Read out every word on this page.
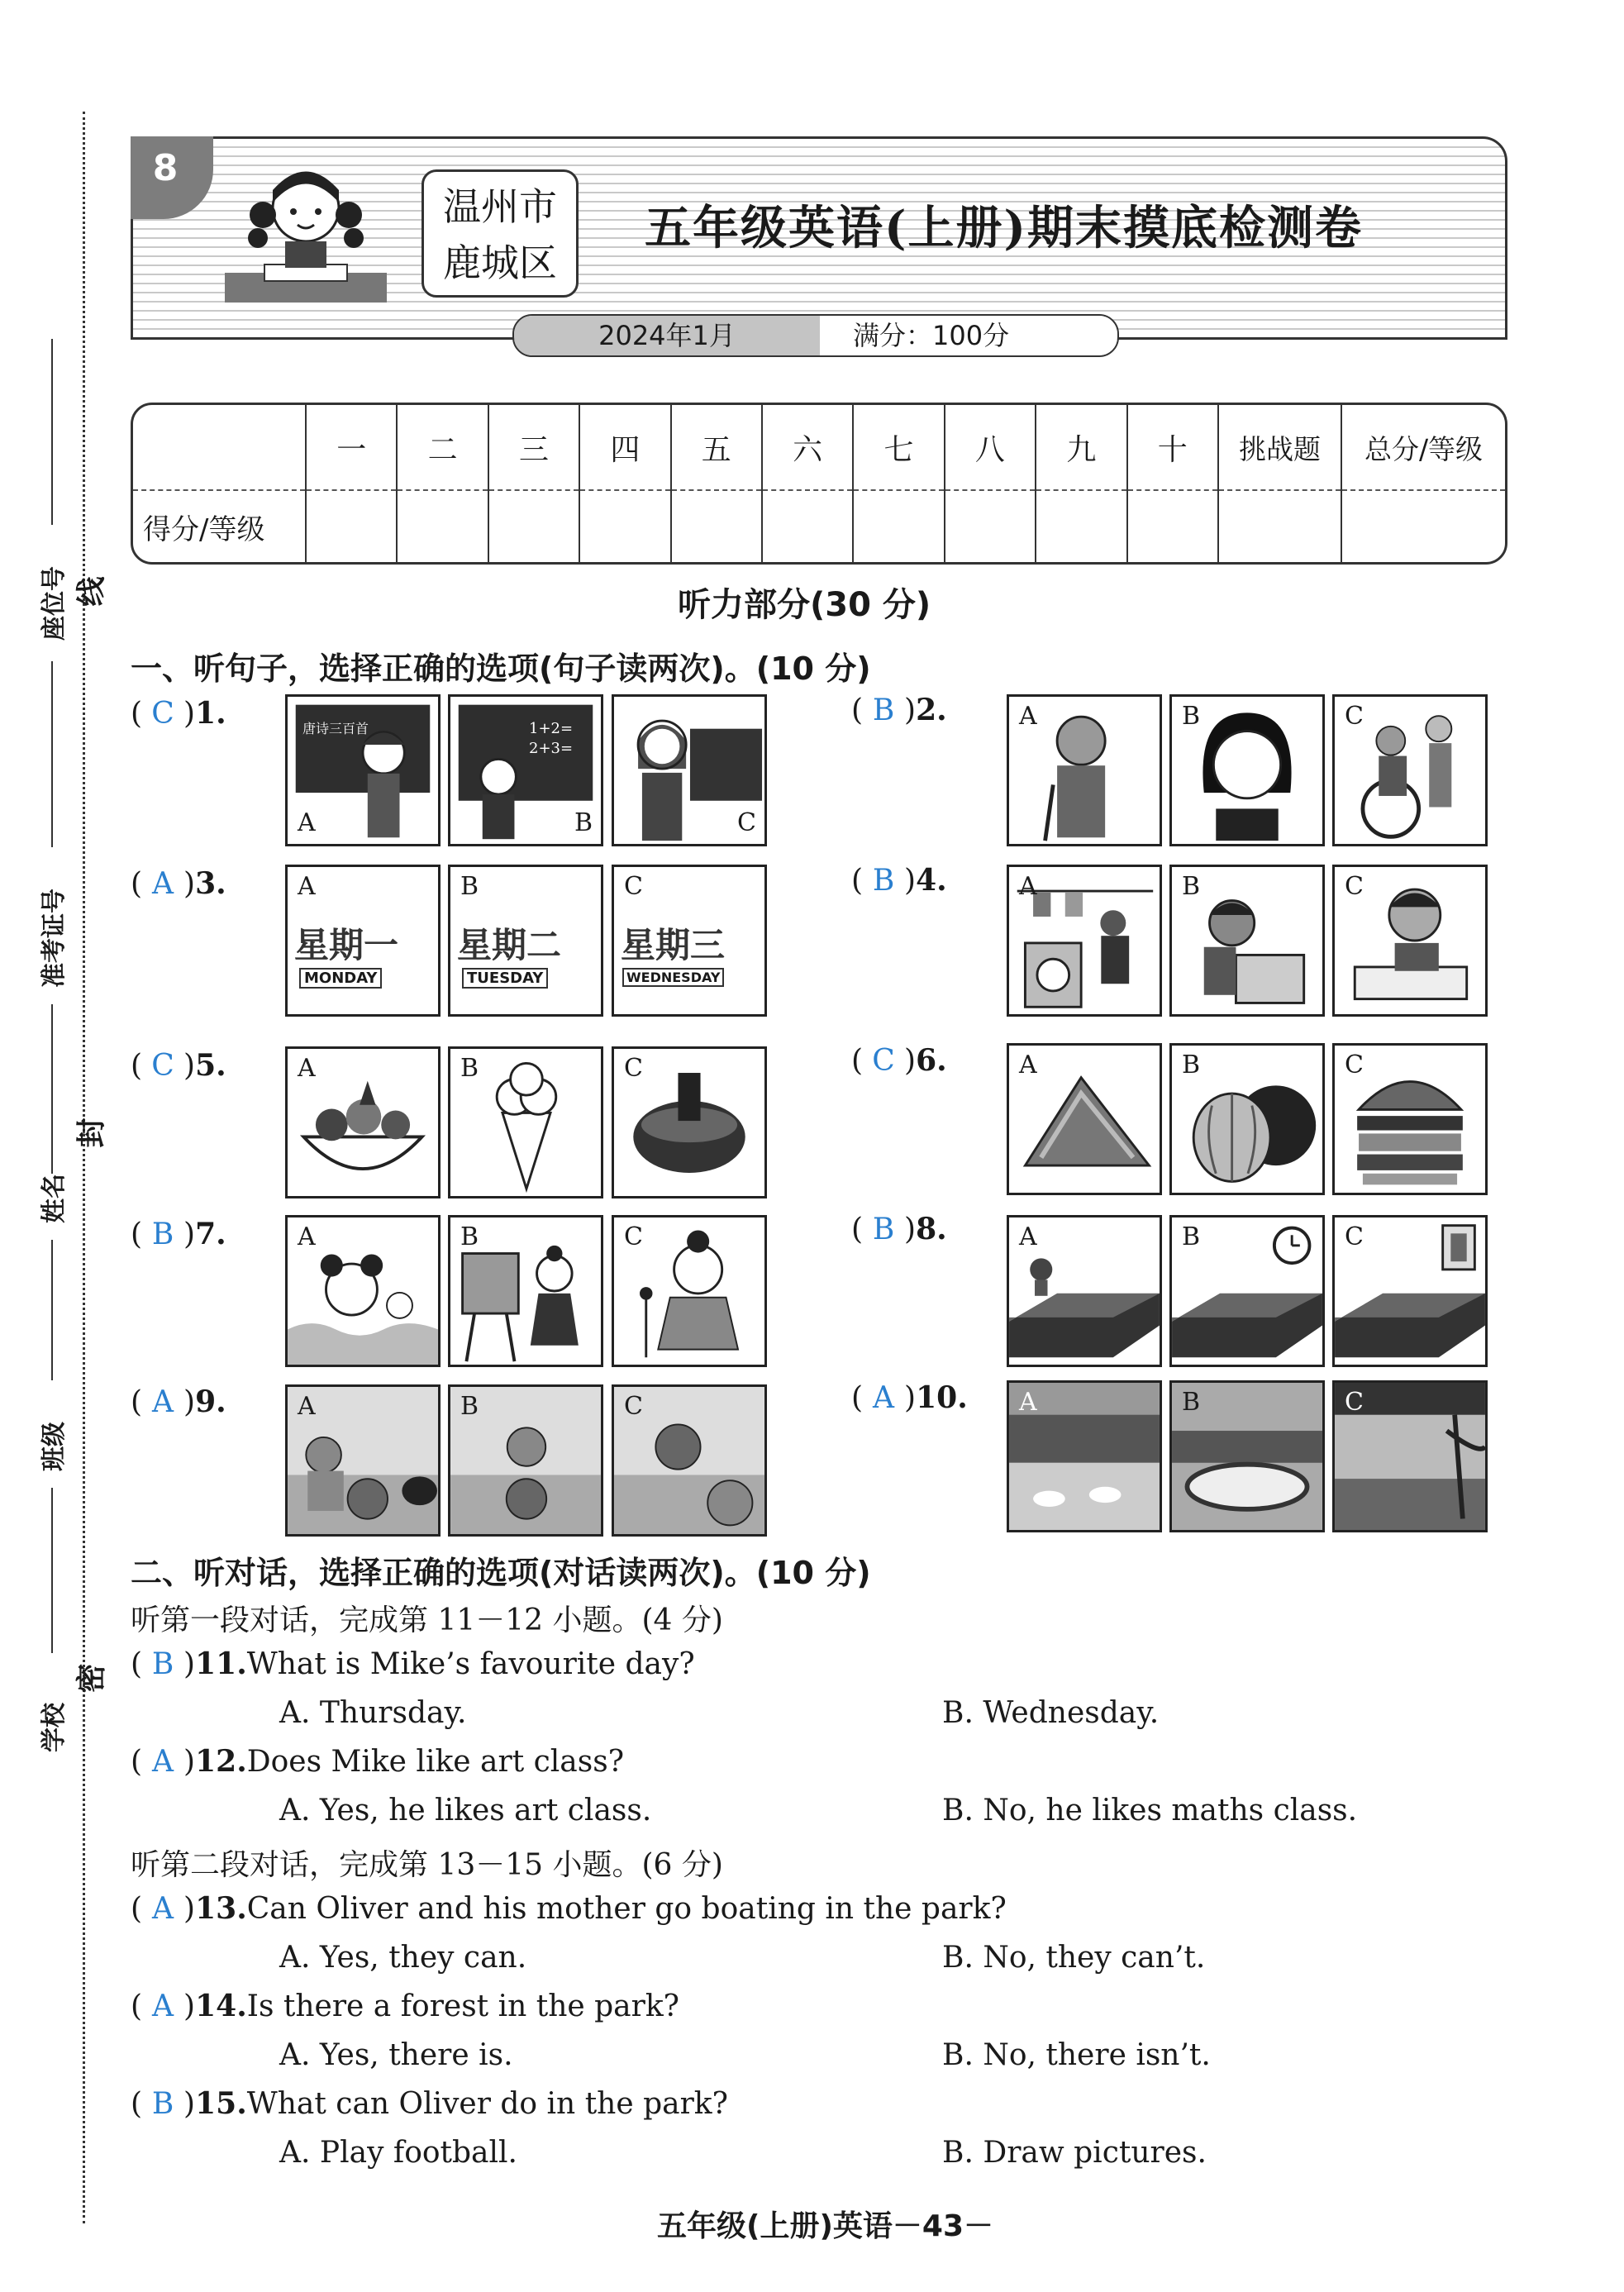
座位号
准考证号
姓名
班级
学校
线
封
密
8
温州市
鹿城区
五年级英语(上册)期末摸底检测卷
2024年1月	满分：100分
	一	二	三	四	五	六	七	八	九	十	挑战题	总分/等级
得分/等级												
听力部分(30 分)
一、听句子，选择正确的选项(句子读两次)。(10 分)
( C )1.	唐诗三百首
A
1+2=
2+3=
B	C
( B )2.	A	B	C
( A )3.	A
星期一
MONDAY
B
星期二
TUESDAY
C
星期三
WEDNESDAY
( B )4.	A	B	C
( C )5.	A	B	C	( C )6.	A	B	C
( B )7.	A	B	C	( B )8.	A	B	C
( A )9.	A	B	C	( A )10. A	B	C
二、听对话，选择正确的选项(对话读两次)。(10 分)
听第一段对话，完成第 11－12 小题。(4 分)
( B )11.What is Mike’s favourite day?
A. Thursday.	B. Wednesday.
( A )12.Does Mike like art class?
A. Yes, he likes art class.	B. No, he likes maths class.
听第二段对话，完成第 13－15 小题。(6 分)
( A )13.Can Oliver and his mother go boating in the park?
A. Yes, they can.	B. No, they can’t.
( A )14.Is there a forest in the park?
A. Yes, there is.	B. No, there isn’t.
( B )15.What can Oliver do in the park?
A. Play football.	B. Draw pictures.
五年级(上册)英语－43－
